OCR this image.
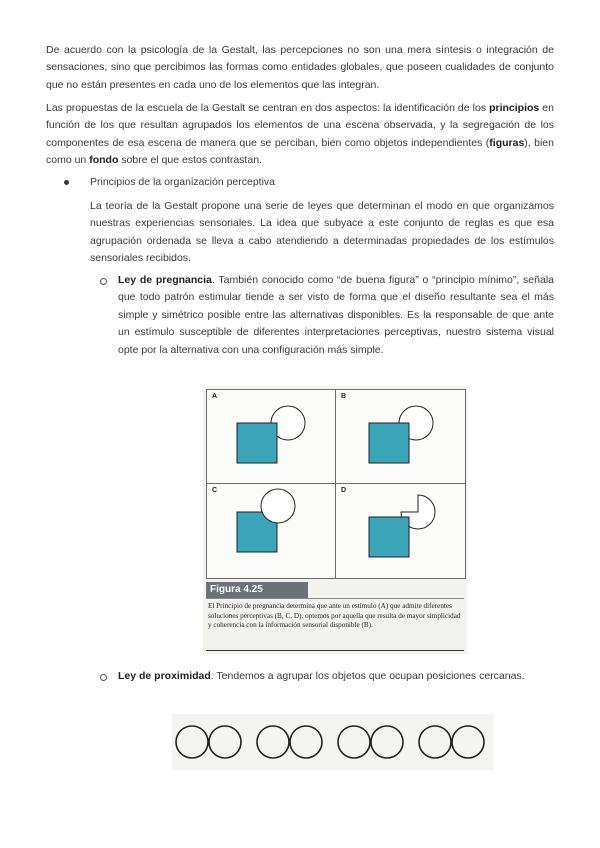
De acuerdo con la psicología de la Gestalt, las percepciones no son una mera síntesis o integración de sensaciones, sino que percibimos las formas como entidades globales, que poseen cualidades de conjunto que no están presentes en cada uno de los elementos que las integran.

Las propuestas de la escuela de la Gestalt se centran en dos aspectos: la identificación de los principios en función de los que resultan agrupados los elementos de una escena observada, y la segregación de los componentes de esa escena de manera que se perciban, bien como objetos independientes (figuras), bien como un fondo sobre el que estos contrastan.

Principios de la organización perceptiva

La teoría de la Gestalt propone una serie de leyes que determinan el modo en que organizamos nuestras experiencias sensoriales. La idea que subyace a este conjunto de reglas es que esa agrupación ordenada se lleva a cabo atendiendo a determinadas propiedades de los estímulos sensoriales recibidos.

Ley de pregnancia. También conocido como “de buena figura” o “principio mínimo”, señala que todo patrón estimular tiende a ser visto de forma que el diseño resultante sea el más simple y simétrico posible entre las alternativas disponibles. Es la responsable de que ante un estímulo susceptible de diferentes interpretaciones perceptivas, nuestro sistema visual opte por la alternativa con una configuración más simple.

A	B
C	D
Figura 4.25
El Principio de pregnancia determina que ante un estímulo (A) que admite diferentes soluciones perceptivas (B, C, D), optemos por aquella que resulta de mayor simplicidad y coherencia con la información sensorial disponible (B).

Ley de proximidad. Tendemos a agrupar los objetos que ocupan posiciones cercanas.
